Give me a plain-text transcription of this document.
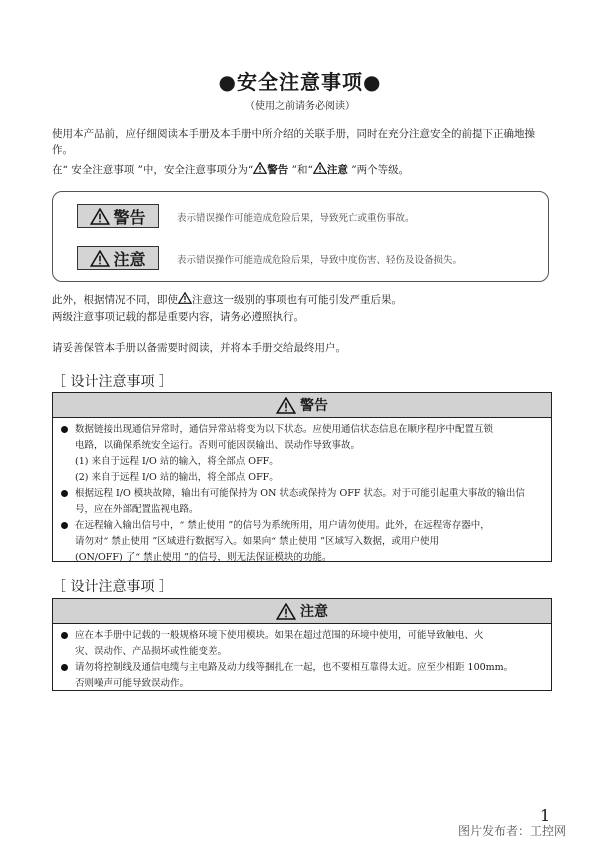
●安全注意事项●
（使用之前请务必阅读）
使用本产品前，应仔细阅读本手册及本手册中所介绍的关联手册，同时在充分注意安全的前提下正确地操作。
在“ 安全注意事项 ”中，安全注意事项分为“ 警告 ”和“ 注意 ”两个等级。
警告	表示错误操作可能造成危险后果，导致死亡或重伤事故。
注意	表示错误操作可能造成危险后果，导致中度伤害、轻伤及设备损失。
此外，根据情况不同，即使 注意这一级别的事项也有可能引发严重后果。
两级注意事项记载的都是重要内容，请务必遵照执行。
请妥善保管本手册以备需要时阅读，并将本手册交给最终用户。
［ 设计注意事项 ］
警告
数据链接出现通信异常时，通信异常站将变为以下状态。应使用通信状态信息在顺序程序中配置互锁
电路，以确保系统安全运行。否则可能因误输出、误动作导致事故。
(1) 来自于远程 I/O 站的输入，将全部点 OFF。
(2) 来自于远程 I/O 站的输出，将全部点 OFF。
根据远程 I/O 模块故障，输出有可能保持为 ON 状态或保持为 OFF 状态。对于可能引起重大事故的输出信
号，应在外部配置监视电路。
在远程输入输出信号中，“ 禁止使用 ”的信号为系统所用，用户请勿使用。此外，在远程寄存器中，
请勿对“ 禁止使用 ”区域进行数据写入。如果向“ 禁止使用 ”区域写入数据，或用户使用
(ON/OFF) 了“ 禁止使用 ”的信号，则无法保证模块的功能。
［ 设计注意事项 ］
注意
应在本手册中记载的一般规格环境下使用模块。如果在超过范围的环境中使用，可能导致触电、火
灾、误动作、产品损坏或性能变差。
请勿将控制线及通信电缆与主电路及动力线等捆扎在一起，也不要相互靠得太近。应至少相距 100mm。
否则噪声可能导致误动作。
1
图片发布者：工控网
